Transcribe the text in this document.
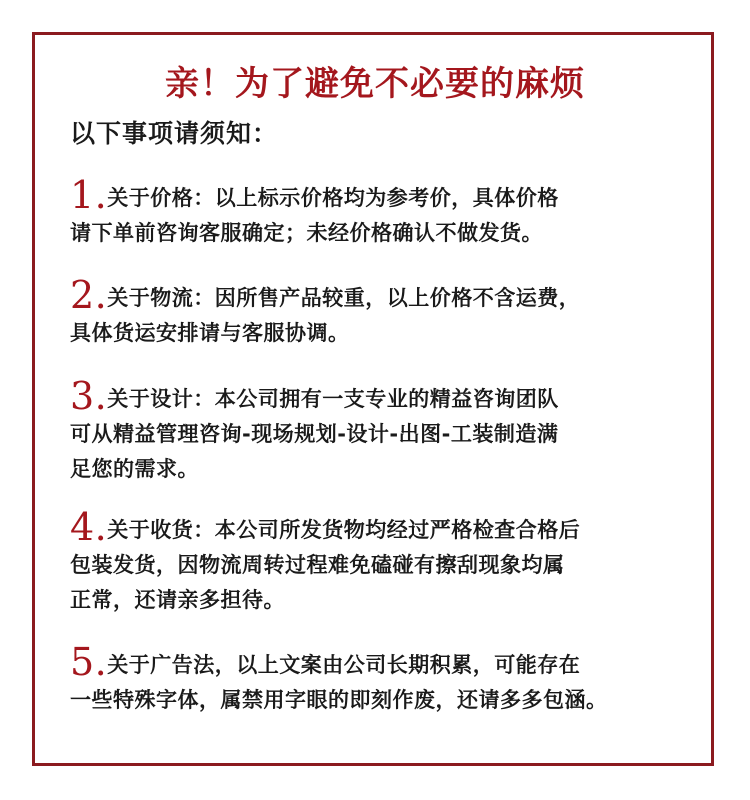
亲！为了避免不必要的麻烦
以下事项请须知：
1.关于价格：以上标示价格均为参考价，具体价格
请下单前咨询客服确定；未经价格确认不做发货。
2.关于物流：因所售产品较重，以上价格不含运费，
具体货运安排请与客服协调。
3.关于设计：本公司拥有一支专业的精益咨询团队
可从精益管理咨询-现场规划-设计-出图-工装制造满
足您的需求。
4.关于收货：本公司所发货物均经过严格检查合格后
包装发货，因物流周转过程难免磕碰有擦刮现象均属
正常，还请亲多担待。
5.关于广告法，以上文案由公司长期积累，可能存在
一些特殊字体，属禁用字眼的即刻作废，还请多多包涵。
